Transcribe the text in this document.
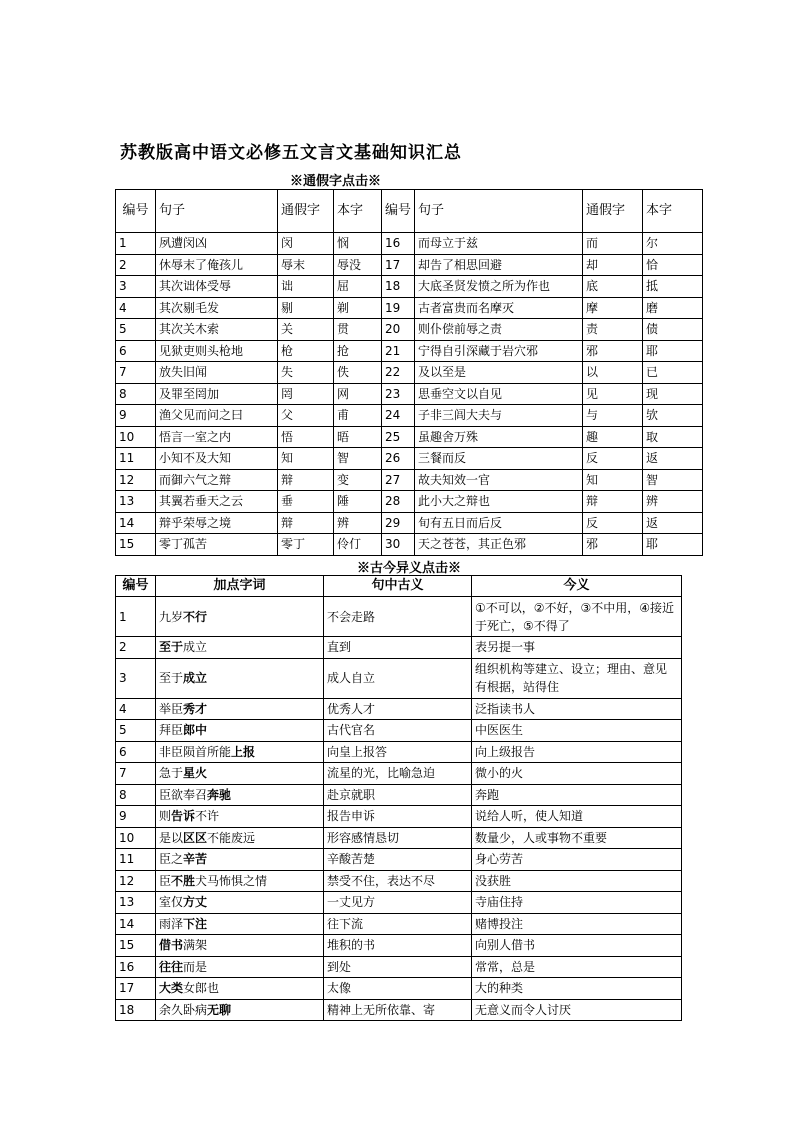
苏教版高中语文必修五文言文基础知识汇总
※通假字点击※
编号	句子	通假字	本字	编号	句子	通假字	本字
1	夙遭闵凶	闵	悯	16	而母立于兹	而	尔
2	休辱末了俺孩儿	辱末	辱没	17	却告了相思回避	却	恰
3	其次诎体受辱	诎	屈	18	大底圣贤发愤之所为作也	底	抵
4	其次剔毛发	剔	剃	19	古者富贵而名摩灭	摩	磨
5	其次关木索	关	贯	20	则仆偿前辱之责	责	债
6	见狱吏则头枪地	枪	抢	21	宁得自引深藏于岩穴邪	邪	耶
7	放失旧闻	失	佚	22	及以至是	以	已
8	及罪至罔加	罔	网	23	思垂空文以自见	见	现
9	渔父见而问之曰	父	甫	24	子非三闾大夫与	与	欤
10	悟言一室之内	悟	晤	25	虽趣舍万殊	趣	取
11	小知不及大知	知	智	26	三餐而反	反	返
12	而御六气之辩	辩	变	27	故夫知效一官	知	智
13	其翼若垂天之云	垂	陲	28	此小大之辩也	辩	辨
14	辩乎荣辱之境	辩	辨	29	旬有五日而后反	反	返
15	零丁孤苦	零丁	伶仃	30	天之苍苍，其正色邪	邪	耶
※古今异义点击※
编号	加点字词	句中古义	今义
1	九岁不行	不会走路	①不可以，②不好，③不中用，④接近于死亡，⑤不得了
2	至于成立	直到	表另提一事
3	至于成立	成人自立	组织机构等建立、设立；理由、意见有根据，站得住
4	举臣秀才	优秀人才	泛指读书人
5	拜臣郎中	古代官名	中医医生
6	非臣陨首所能上报	向皇上报答	向上级报告
7	急于星火	流星的光，比喻急迫	微小的火
8	臣欲奉召奔驰	赴京就职	奔跑
9	则告诉不许	报告申诉	说给人听，使人知道
10	是以区区不能废远	形容感情恳切	数量少，人或事物不重要
11	臣之辛苦	辛酸苦楚	身心劳苦
12	臣不胜犬马怖惧之情	禁受不住，表达不尽	没获胜
13	室仅方丈	一丈见方	寺庙住持
14	雨泽下注	往下流	赌博投注
15	借书满架	堆积的书	向别人借书
16	往往而是	到处	常常，总是
17	大类女郎也	太像	大的种类
18	余久卧病无聊	精神上无所依靠、寄	无意义而令人讨厌
